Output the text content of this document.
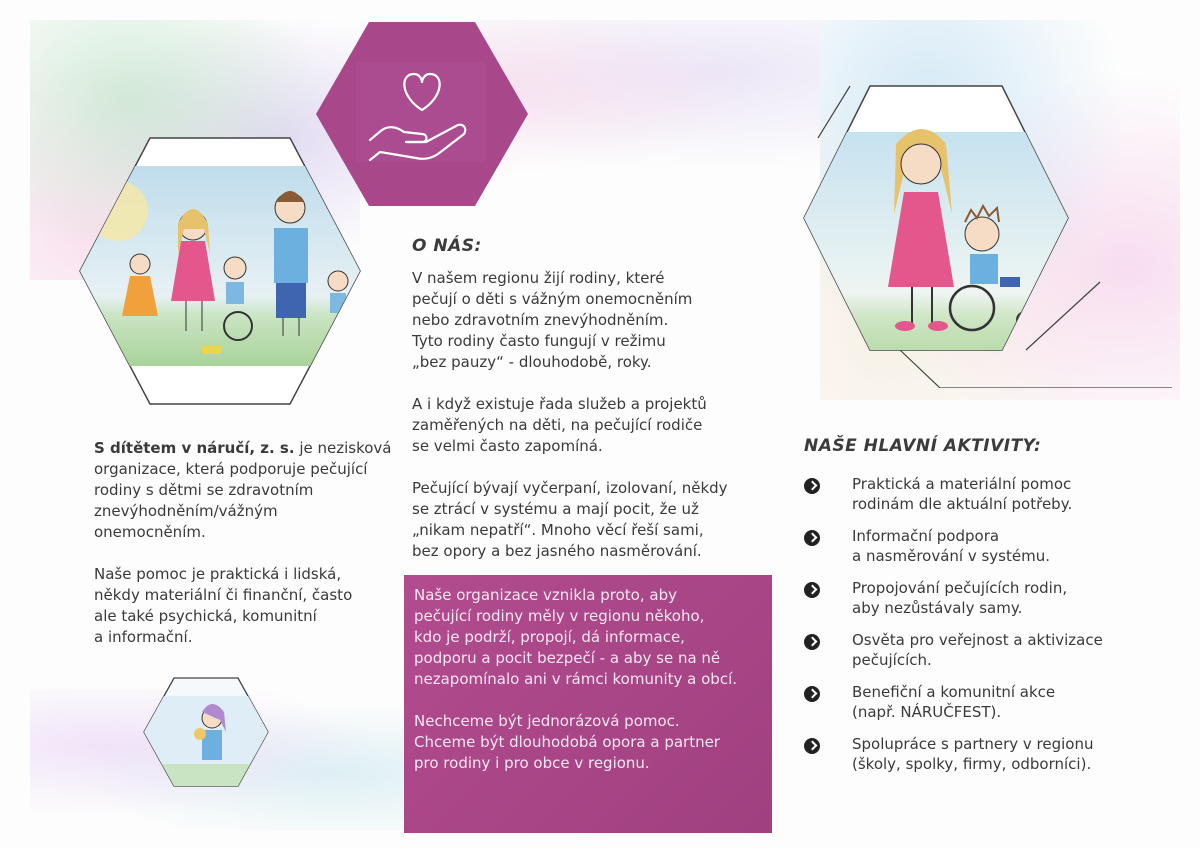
O NÁS:
V našem regionu žijí rodiny, které
pečují o děti s vážným onemocněním
nebo zdravotním znevýhodněním.
Tyto rodiny často fungují v režimu
„bez pauzy“ - dlouhodobě, roky.
A i když existuje řada služeb a projektů
zaměřených na děti, na pečující rodiče
se velmi často zapomíná.
Pečující bývají vyčerpaní, izolovaní, někdy
se ztrácí v systému a mají pocit, že už
„nikam nepatří“. Mnoho věcí řeší sami,
bez opory a bez jasného nasměrování.
S dítětem v náručí, z. s. je nezisková
organizace, která podporuje pečující
rodiny s dětmi se zdravotním
znevýhodněním/vážným
onemocněním.
Naše pomoc je praktická i lidská,
někdy materiální či finanční, často
ale také psychická, komunitní
a informační.
Naše organizace vznikla proto, aby
pečující rodiny měly v regionu někoho,
kdo je podrží, propojí, dá informace,
podporu a pocit bezpečí - a aby se na ně
nezapomínalo ani v rámci komunity a obcí.
Nechceme být jednorázová pomoc.
Chceme být dlouhodobá opora a partner
pro rodiny i pro obce v regionu.
NAŠE HLAVNÍ AKTIVITY:
Praktická a materiální pomoc
rodinám dle aktuální potřeby.
Informační podpora
a nasměrování v systému.
Propojování pečujících rodin,
aby nezůstávaly samy.
Osvěta pro veřejnost a aktivizace
pečujících.
Benefiční a komunitní akce
(např. NÁRUČFEST).
Spolupráce s partnery v regionu
(školy, spolky, firmy, odborníci).
